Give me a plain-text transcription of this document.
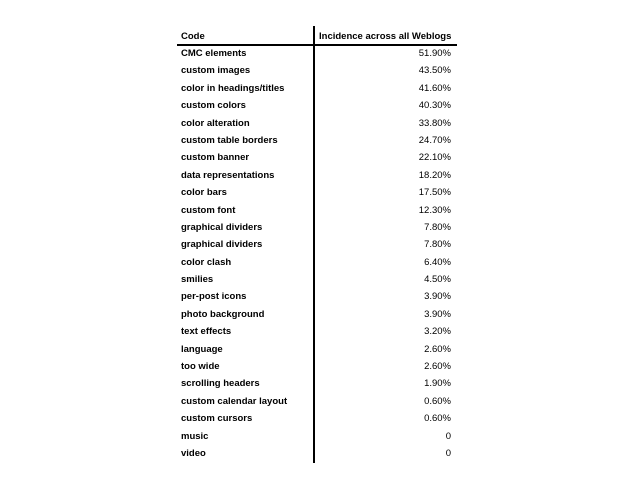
Code	Incidence across all Weblogs
CMC elements	51.90%
custom images	43.50%
color in headings/titles	41.60%
custom colors	40.30%
color alteration	33.80%
custom table borders	24.70%
custom banner	22.10%
data representations	18.20%
color bars	17.50%
custom font	12.30%
graphical dividers	7.80%
graphical dividers	7.80%
color clash	6.40%
smilies	4.50%
per-post icons	3.90%
photo background	3.90%
text effects	3.20%
language	2.60%
too wide	2.60%
scrolling headers	1.90%
custom calendar layout	0.60%
custom cursors	0.60%
music	0
video	0
